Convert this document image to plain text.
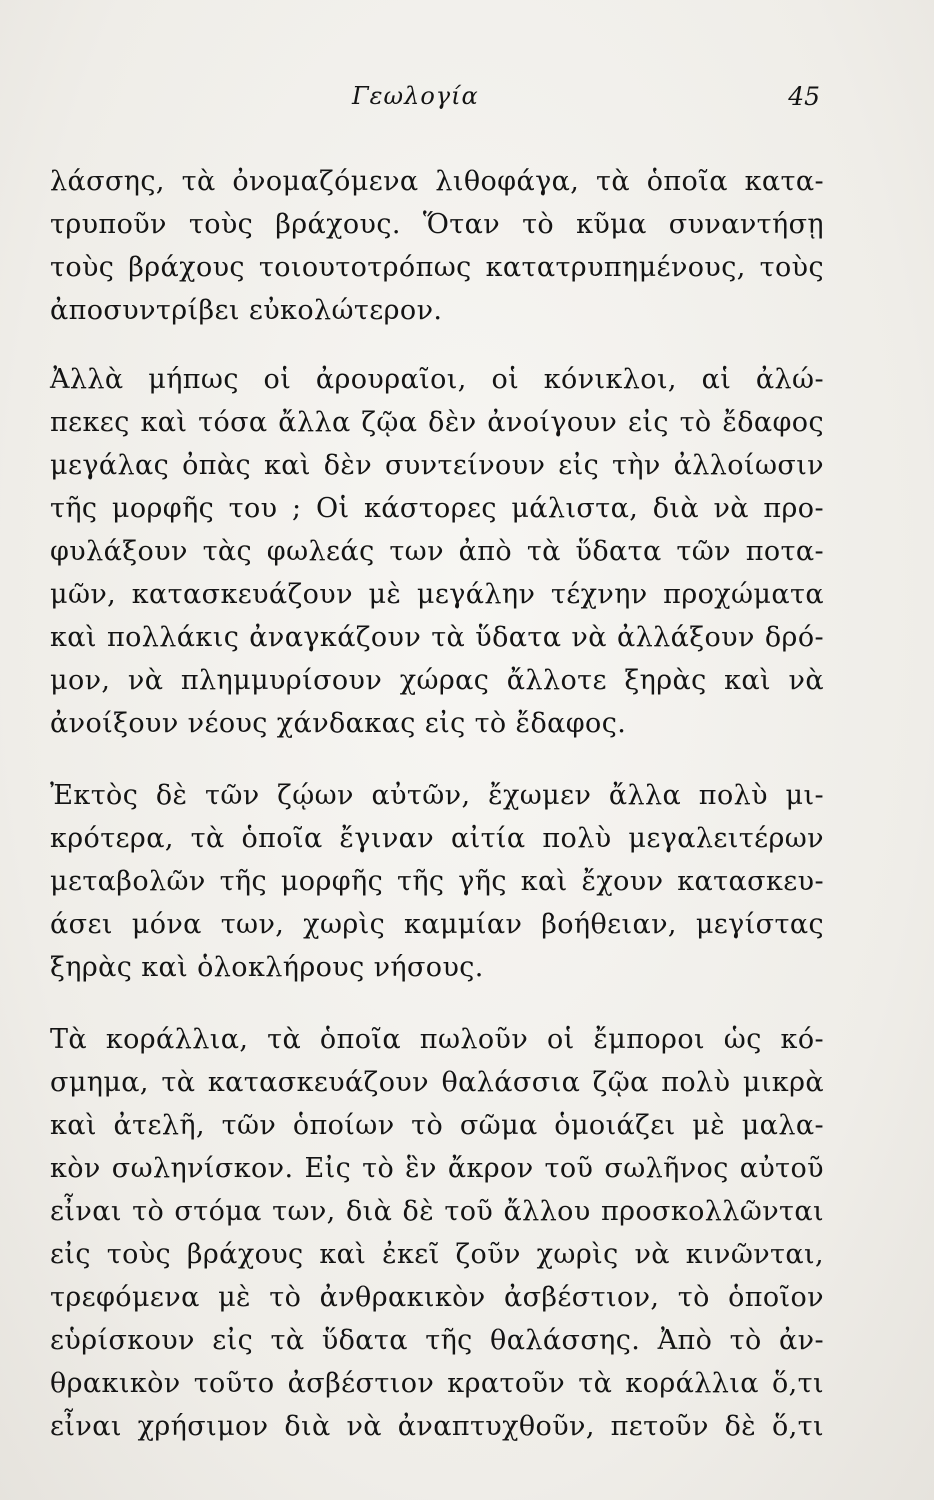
Γεωλογία	45
λάσσης, τὰ ὀνομαζόμενα λιθοφάγα, τὰ ὁποῖα κατα-
τρυποῦν τοὺς βράχους. Ὅταν τὸ κῦμα συναντήσῃ
τοὺς βράχους τοιουτοτρόπως κατατρυπημένους, τοὺς
ἀποσυντρίβει εὐκολώτερον.
Ἀλλὰ μήπως οἱ ἀρουραῖοι, οἱ κόνικλοι, αἱ ἀλώ-
πεκες καὶ τόσα ἄλλα ζῷα δὲν ἀνοίγουν εἰς τὸ ἔδαφος
μεγάλας ὀπὰς καὶ δὲν συντείνουν εἰς τὴν ἀλλοίωσιν
τῆς μορφῆς του ; Οἱ κάστορες μάλιστα, διὰ νὰ προ-
φυλάξουν τὰς φωλεάς των ἀπὸ τὰ ὕδατα τῶν ποτα-
μῶν, κατασκευάζουν μὲ μεγάλην τέχνην προχώματα
καὶ πολλάκις ἀναγκάζουν τὰ ὕδατα νὰ ἀλλάξουν δρό-
μον, νὰ πλημμυρίσουν χώρας ἄλλοτε ξηρὰς καὶ νὰ
ἀνοίξουν νέους χάνδακας εἰς τὸ ἔδαφος.
Ἐκτὸς δὲ τῶν ζῴων αὐτῶν, ἔχωμεν ἄλλα πολὺ μι-
κρότερα, τὰ ὁποῖα ἔγιναν αἰτία πολὺ μεγαλειτέρων
μεταβολῶν τῆς μορφῆς τῆς γῆς καὶ ἔχουν κατασκευ-
άσει μόνα των, χωρὶς καμμίαν βοήθειαν, μεγίστας
ξηρὰς καὶ ὁλοκλήρους νήσους.
Τὰ κοράλλια, τὰ ὁποῖα πωλοῦν οἱ ἔμποροι ὡς κό-
σμημα, τὰ κατασκευάζουν θαλάσσια ζῷα πολὺ μικρὰ
καὶ ἀτελῆ, τῶν ὁποίων τὸ σῶμα ὁμοιάζει μὲ μαλα-
κὸν σωληνίσκον. Εἰς τὸ ἓν ἄκρον τοῦ σωλῆνος αὐτοῦ
εἶναι τὸ στόμα των, διὰ δὲ τοῦ ἄλλου προσκολλῶνται
εἰς τοὺς βράχους καὶ ἐκεῖ ζοῦν χωρὶς νὰ κινῶνται,
τρεφόμενα μὲ τὸ ἀνθρακικὸν ἀσβέστιον, τὸ ὁποῖον
εὑρίσκουν εἰς τὰ ὕδατα τῆς θαλάσσης. Ἀπὸ τὸ ἀν-
θρακικὸν τοῦτο ἀσβέστιον κρατοῦν τὰ κοράλλια ὅ,τι
εἶναι χρήσιμον διὰ νὰ ἀναπτυχθοῦν, πετοῦν δὲ ὅ,τι
